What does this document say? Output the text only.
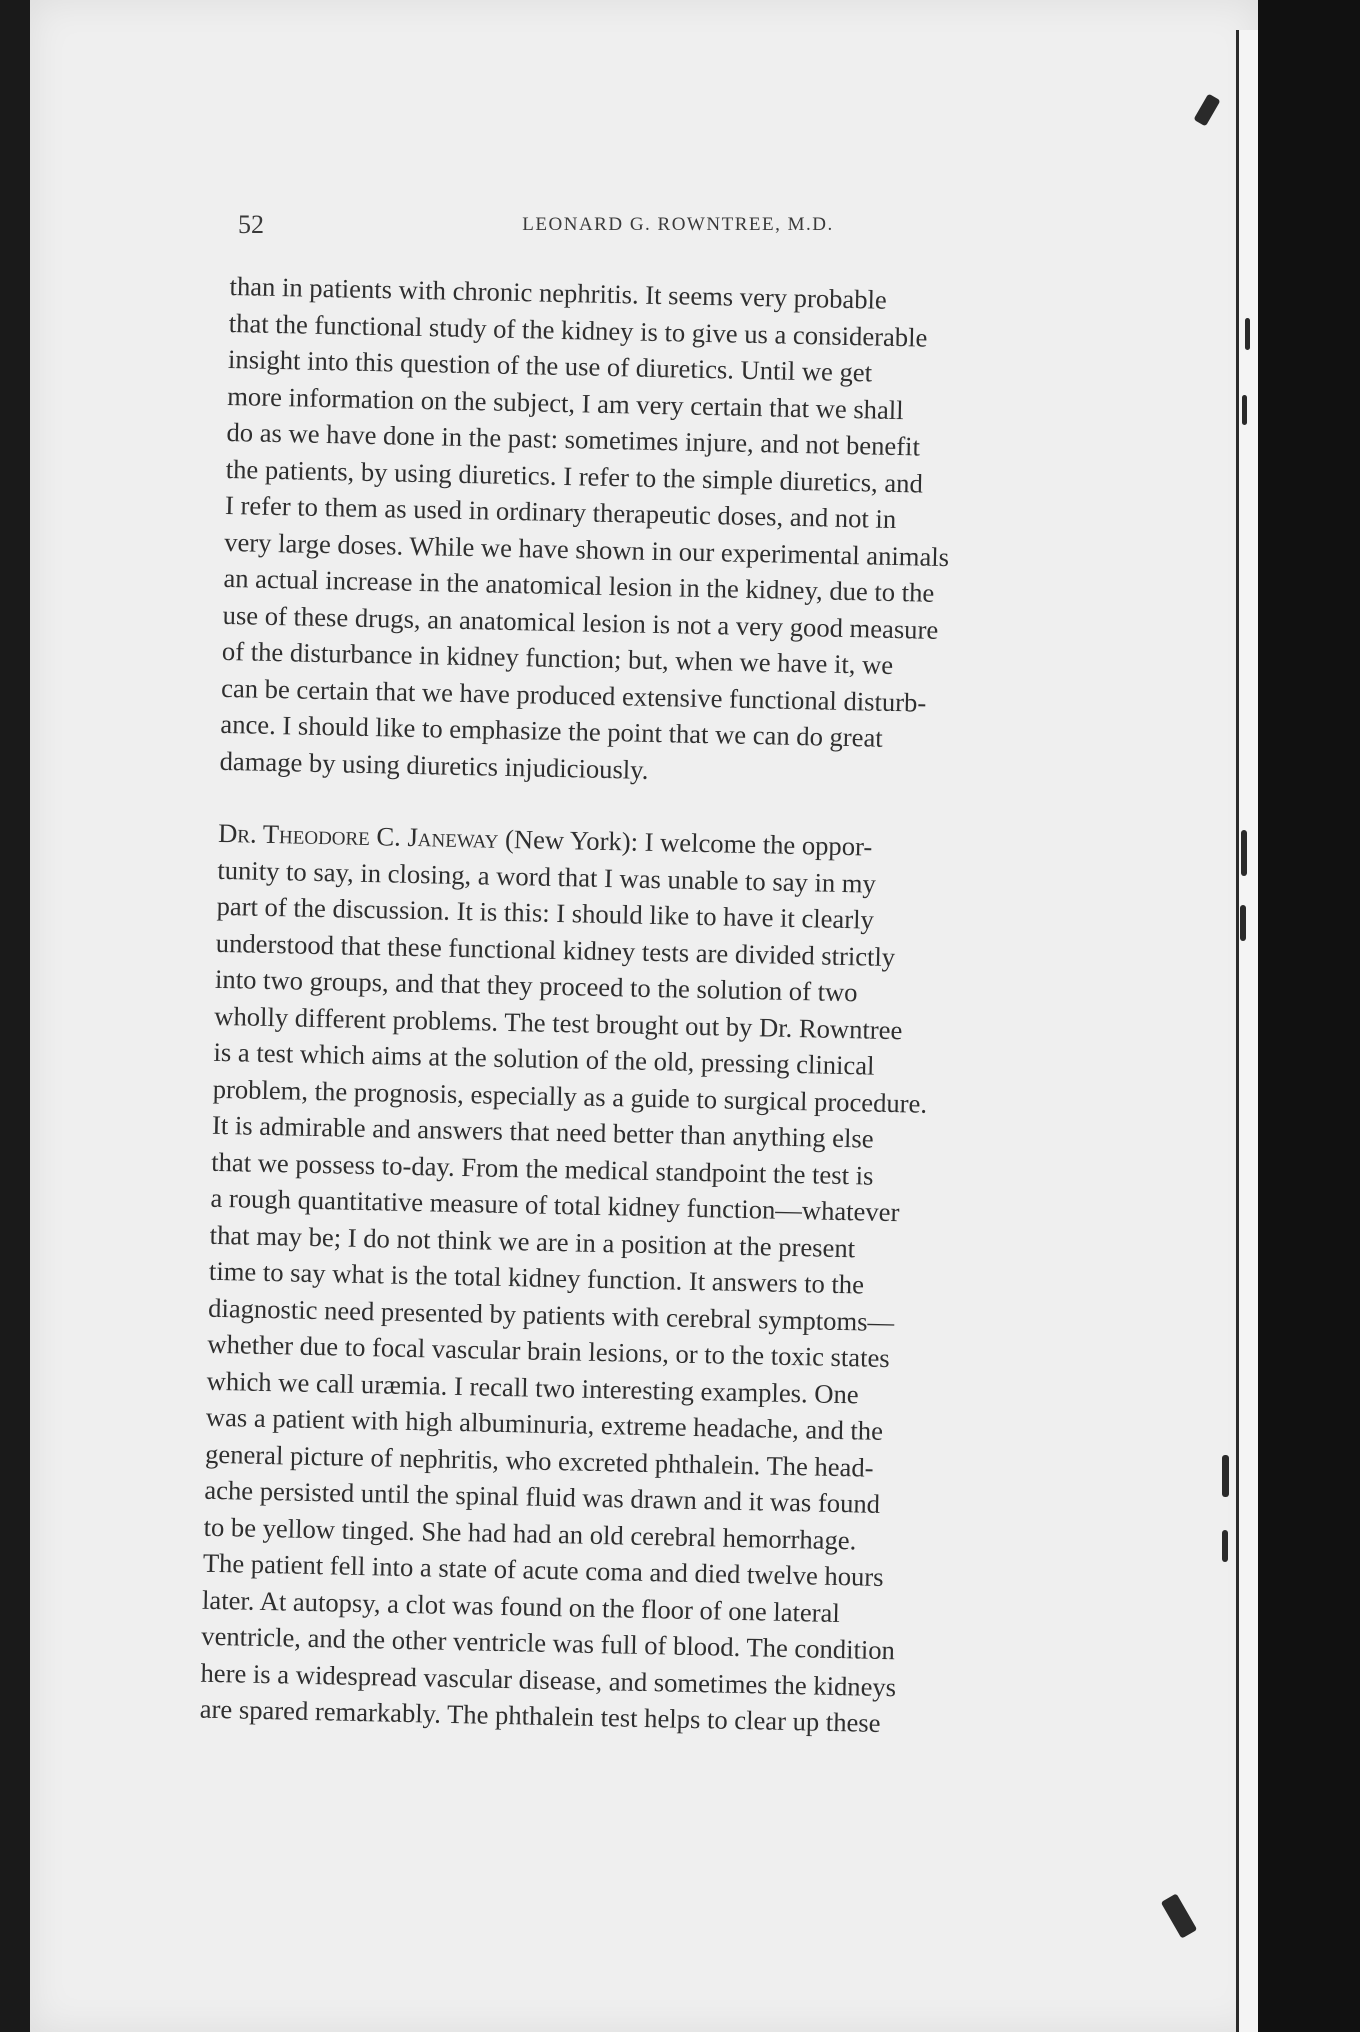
52	LEONARD G. ROWNTREE, M.D.

than in patients with chronic nephritis. It seems very probable
that the functional study of the kidney is to give us a considerable
insight into this question of the use of diuretics. Until we get
more information on the subject, I am very certain that we shall
do as we have done in the past: sometimes injure, and not benefit
the patients, by using diuretics. I refer to the simple diuretics, and
I refer to them as used in ordinary therapeutic doses, and not in
very large doses. While we have shown in our experimental animals
an actual increase in the anatomical lesion in the kidney, due to the
use of these drugs, an anatomical lesion is not a very good measure
of the disturbance in kidney function; but, when we have it, we
can be certain that we have produced extensive functional disturb-
ance. I should like to emphasize the point that we can do great
damage by using diuretics injudiciously.

Dr. Theodore C. Janeway (New York): I welcome the oppor-
tunity to say, in closing, a word that I was unable to say in my
part of the discussion. It is this: I should like to have it clearly
understood that these functional kidney tests are divided strictly
into two groups, and that they proceed to the solution of two
wholly different problems. The test brought out by Dr. Rowntree
is a test which aims at the solution of the old, pressing clinical
problem, the prognosis, especially as a guide to surgical procedure.
It is admirable and answers that need better than anything else
that we possess to-day. From the medical standpoint the test is
a rough quantitative measure of total kidney function—whatever
that may be; I do not think we are in a position at the present
time to say what is the total kidney function. It answers to the
diagnostic need presented by patients with cerebral symptoms—
whether due to focal vascular brain lesions, or to the toxic states
which we call uræmia. I recall two interesting examples. One
was a patient with high albuminuria, extreme headache, and the
general picture of nephritis, who excreted phthalein. The head-
ache persisted until the spinal fluid was drawn and it was found
to be yellow tinged. She had had an old cerebral hemorrhage.
The patient fell into a state of acute coma and died twelve hours
later. At autopsy, a clot was found on the floor of one lateral
ventricle, and the other ventricle was full of blood. The condition
here is a widespread vascular disease, and sometimes the kidneys
are spared remarkably. The phthalein test helps to clear up these
